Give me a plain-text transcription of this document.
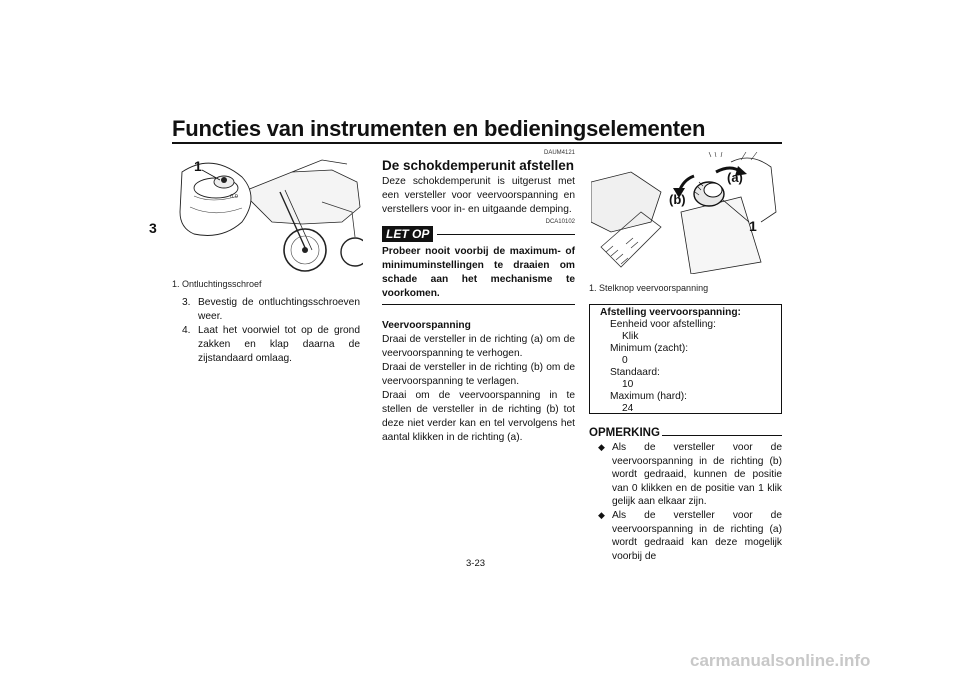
Functies van instrumenten en bedieningselementen
3
0.0
1
1. Ontluchtingsschroef
3. Bevestig de ontluchtingsschroeven weer.
4. Laat het voorwiel tot op de grond zakken en klap daarna de zijstandaard omlaag.
DAUM4121
De schokdemperunit afstellen
Deze schokdemperunit is uitgerust met een versteller voor veervoorspanning en verstellers voor in- en uitgaande demping.
DCA10102
LET OP
Probeer nooit voorbij de maximum- of minimuminstellingen te draaien om schade aan het mechanisme te voorkomen.
Veervoorspanning
Draai de versteller in de richting (a) om de veervoorspanning te verhogen.
Draai de versteller in de richting (b) om de veervoorspanning te verlagen.
Draai om de veervoorspanning in te stellen de versteller in de richting (b) tot deze niet verder kan en tel vervolgens het aantal klikken in de richting (a).
(a)
(b)
1
1. Stelknop veervoorspanning
Afstelling veervoorspanning:
Eenheid voor afstelling:
Klik
Minimum (zacht):
0
Standaard:
10
Maximum (hard):
24
OPMERKING
◆ Als de versteller voor de veervoorspanning in de richting (b) wordt gedraaid, kunnen de positie van 0 klikken en de positie van 1 klik gelijk aan elkaar zijn.
◆ Als de versteller voor de veervoorspanning in de richting (a) wordt gedraaid kan deze mogelijk voorbij de
3-23
carmanualsonline.info
